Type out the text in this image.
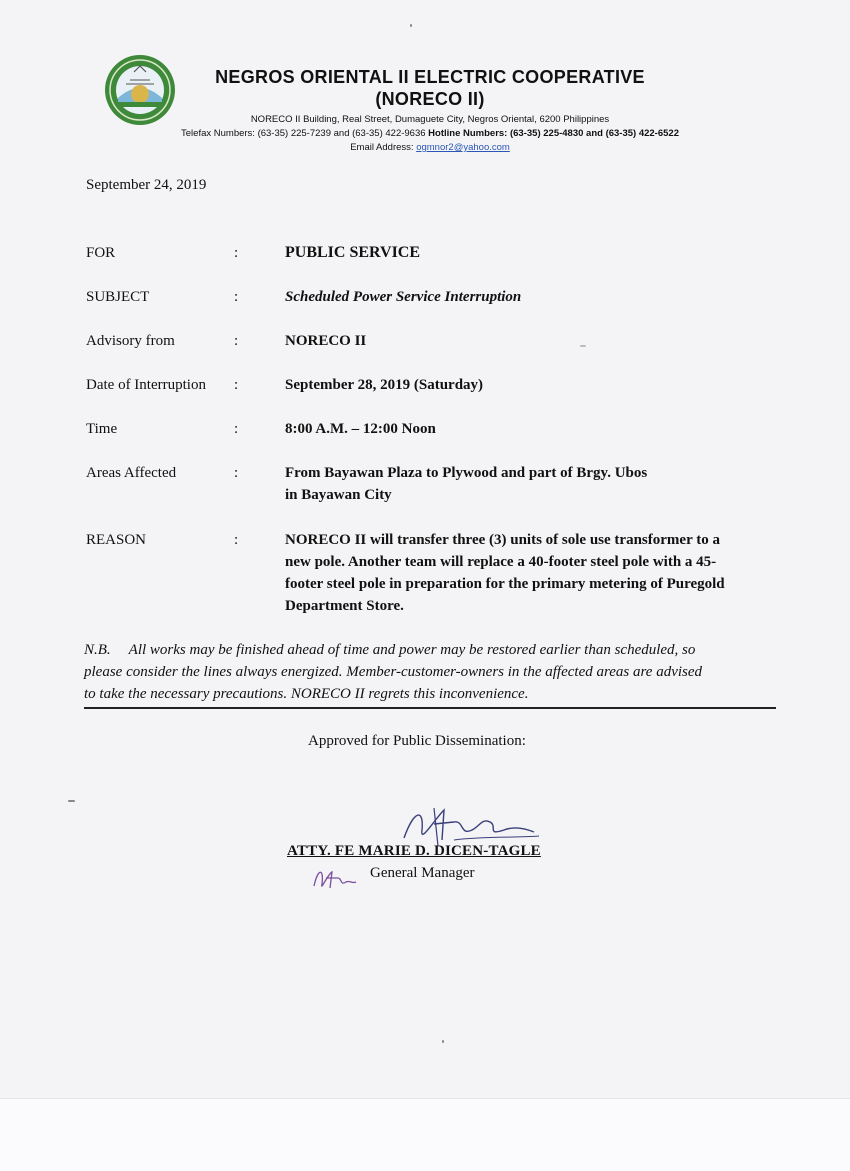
NEGROS ORIENTAL II ELECTRIC COOPERATIVE
(NORECO II)
NORECO II Building, Real Street, Dumaguete City, Negros Oriental, 6200 Philippines
Telefax Numbers: (63-35) 225-7239 and (63-35) 422-9636 Hotline Numbers: (63-35) 225-4830 and (63-35) 422-6522
Email Address: ogmnor2@yahoo.com
September 24, 2019
FOR	:	PUBLIC SERVICE
SUBJECT	:	Scheduled Power Service Interruption
Advisory from	:	NORECO II
Date of Interruption	:	September 28, 2019 (Saturday)
Time	:	8:00 A.M. – 12:00 Noon
Areas Affected	:	From Bayawan Plaza to Plywood and part of Brgy. Ubos
in Bayawan City
REASON	:	NORECO II will transfer three (3) units of sole use transformer to a
new pole. Another team will replace a 40-footer steel pole with a 45-
footer steel pole in preparation for the primary metering of Puregold
Department Store.
N.B. All works may be finished ahead of time and power may be restored earlier than scheduled, so
please consider the lines always energized. Member-customer-owners in the affected areas are advised
to take the necessary precautions. NORECO II regrets this inconvenience.
Approved for Public Dissemination:
ATTY. FE MARIE D. DICEN-TAGLE
General Manager
